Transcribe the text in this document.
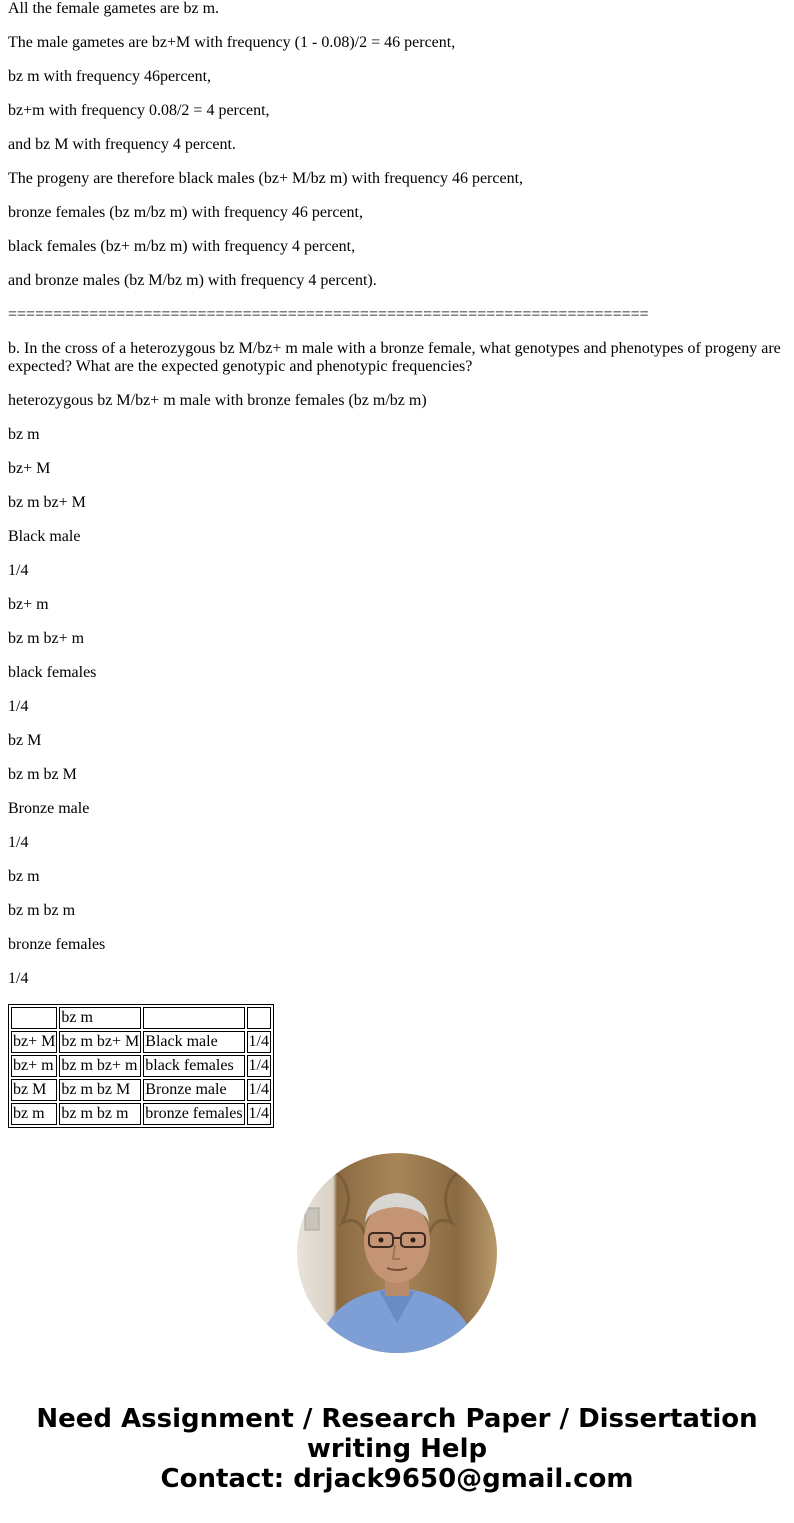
All the female gametes are bz m.

The male gametes are bz+M with frequency (1 - 0.08)/2 = 46 percent,

bz m with frequency 46percent,

bz+m with frequency 0.08/2 = 4 percent,

and bz M with frequency 4 percent.

The progeny are therefore black males (bz+ M/bz m) with frequency 46 percent,

bronze females (bz m/bz m) with frequency 46 percent,

black females (bz+ m/bz m) with frequency 4 percent,

and bronze males (bz M/bz m) with frequency 4 percent).

=======================================================================

b. In the cross of a heterozygous bz M/bz+ m male with a bronze female, what genotypes and phenotypes of progeny are expected? What are the expected genotypic and phenotypic frequencies?

heterozygous bz M/bz+ m male with bronze females (bz m/bz m)

bz m

bz+ M

bz m bz+ M

Black male

1/4

bz+ m

bz m bz+ m

black females

1/4

bz M

bz m bz M

Bronze male

1/4

bz m

bz m bz m

bronze females

1/4

	bz m		
bz+ M	bz m bz+ M	Black male	1/4
bz+ m	bz m bz+ m	black females	1/4
bz M	bz m bz M	Bronze male	1/4
bz m	bz m bz m	bronze females	1/4
Need Assignment / Research Paper / Dissertation
writing Help
Contact: drjack9650@gmail.com
